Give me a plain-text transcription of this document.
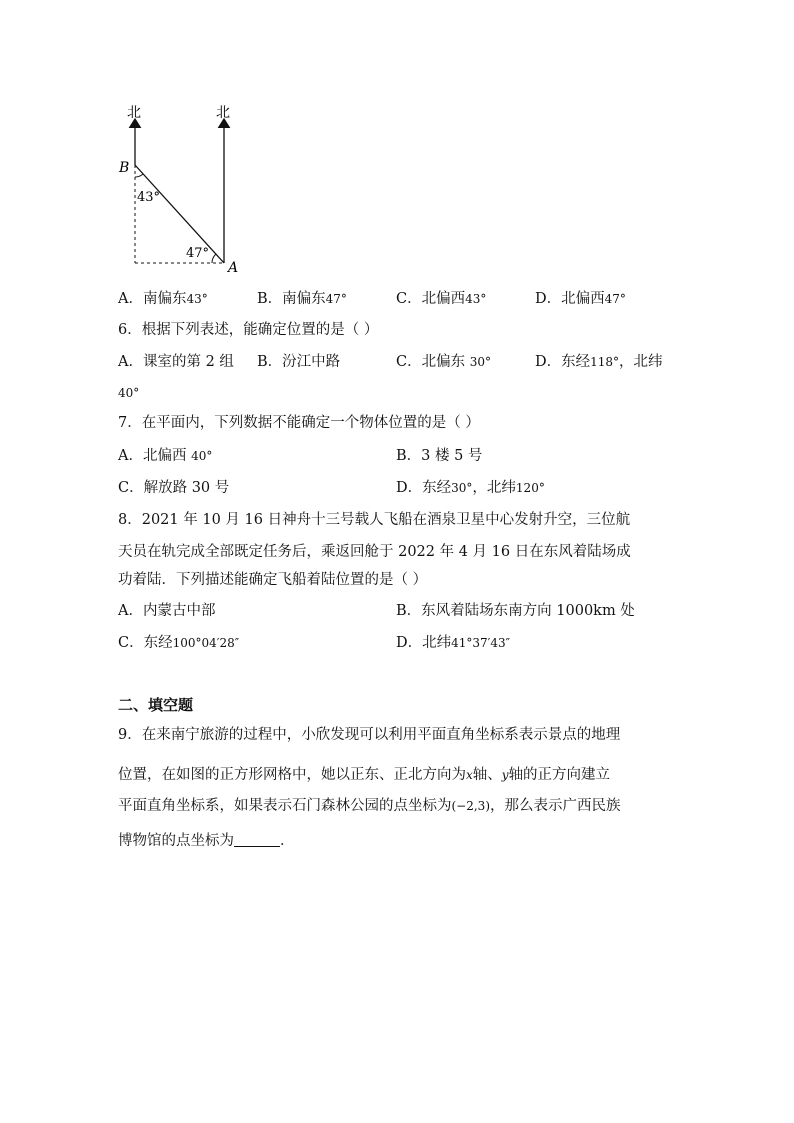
北	北
B
A
43°
47°
A．南偏东43°	B．南偏东47°	C．北偏西43°	D．北偏西47°
6．根据下列表述，能确定位置的是（ ）
A．课室的第 2 组 B．汾江中路	C．北偏东 30°	D．东经118°，北纬
40°
7．在平面内，下列数据不能确定一个物体位置的是（ ）
A．北偏西 40°	B．3 楼 5 号
C．解放路 30 号	D．东经30°，北纬120°
8．2021 年 10 月 16 日神舟十三号载人飞船在酒泉卫星中心发射升空，三位航
天员在轨完成全部既定任务后，乘返回舱于 2022 年 4 月 16 日在东风着陆场成
功着陆．下列描述能确定飞船着陆位置的是（ ）
A．内蒙古中部	B．东风着陆场东南方向 1000km 处
C．东经100°04′28″	D．北纬41°37′43″
二、填空题
9．在来南宁旅游的过程中，小欣发现可以利用平面直角坐标系表示景点的地理
位置，在如图的正方形网格中，她以正东、正北方向为x轴、y轴的正方向建立
平面直角坐标系，如果表示石门森林公园的点坐标为(−2,3)，那么表示广西民族
博物馆的点坐标为	．
